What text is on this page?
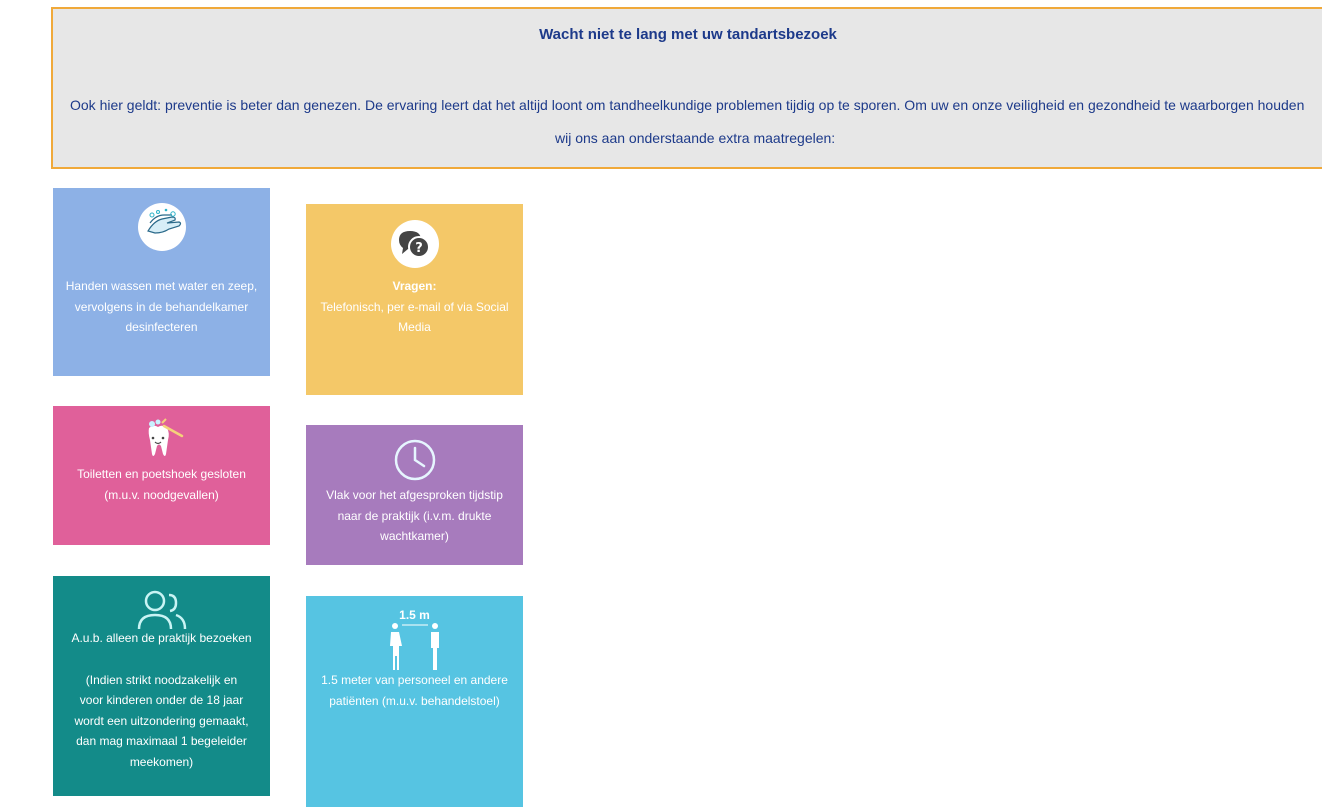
Wacht niet te lang met uw tandartsbezoek
Ook hier geldt: preventie is beter dan genezen. De ervaring leert dat het altijd loont om tandheelkundige problemen tijdig op te sporen. Om uw en onze veiligheid en gezondheid te waarborgen houden
wij ons aan onderstaande extra maatregelen:
Handen wassen met water en zeep,
vervolgens in de behandelkamer
desinfecteren
?
Vragen:
Telefonisch, per e-mail of via Social
Media
Toiletten en poetshoek gesloten
(m.u.v. noodgevallen)	Vlak voor het afgesproken tijdstip
naar de praktijk (i.v.m. drukte
wachtkamer)
A.u.b. alleen de praktijk bezoeken
(Indien strikt noodzakelijk en
voor kinderen onder de 18 jaar
wordt een uitzondering gemaakt,
dan mag maximaal 1 begeleider
meekomen)
1.5 m
1.5 meter van personeel en andere
patiënten (m.u.v. behandelstoel)
